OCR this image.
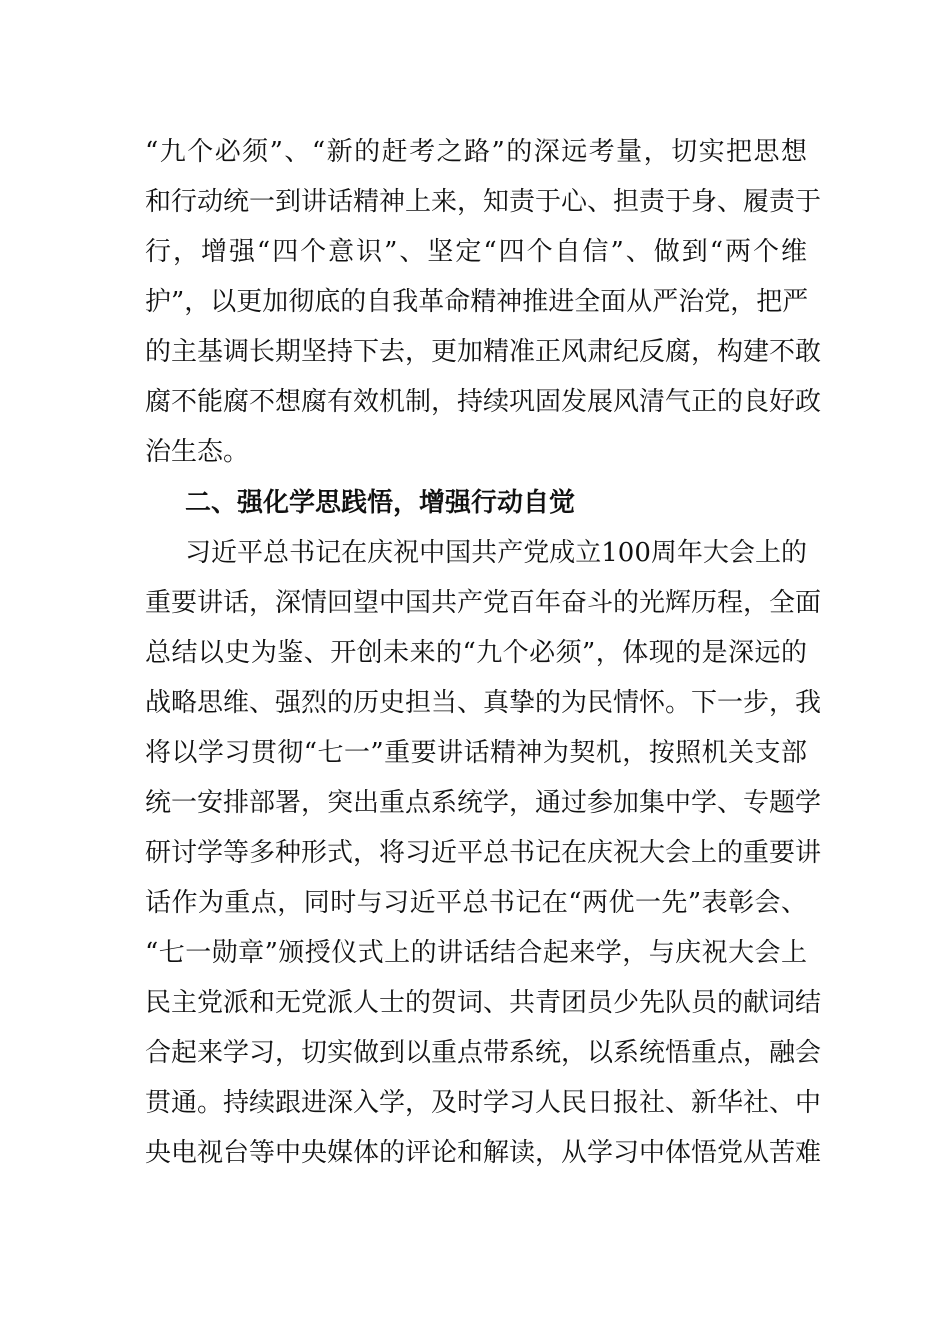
“九个必须”、“新的赶考之路”的深远考量，切实把思想
和行动统一到讲话精神上来，知责于心、担责于身、履责于
行，增强“四个意识”、坚定“四个自信”、做到“两个维
护”，以更加彻底的自我革命精神推进全面从严治党，把严
的主基调长期坚持下去，更加精准正风肃纪反腐，构建不敢
腐不能腐不想腐有效机制，持续巩固发展风清气正的良好政
治生态。
二、强化学思践悟，增强行动自觉
习近平总书记在庆祝中国共产党成立100周年大会上的
重要讲话，深情回望中国共产党百年奋斗的光辉历程，全面
总结以史为鉴、开创未来的“九个必须”，体现的是深远的
战略思维、强烈的历史担当、真挚的为民情怀。下一步，我
将以学习贯彻“七一”重要讲话精神为契机，按照机关支部
统一安排部署，突出重点系统学，通过参加集中学、专题学
研讨学等多种形式，将习近平总书记在庆祝大会上的重要讲
话作为重点，同时与习近平总书记在“两优一先”表彰会、
“七一勋章”颁授仪式上的讲话结合起来学，与庆祝大会上
民主党派和无党派人士的贺词、共青团员少先队员的献词结
合起来学习，切实做到以重点带系统，以系统悟重点，融会
贯通。持续跟进深入学，及时学习人民日报社、新华社、中
央电视台等中央媒体的评论和解读，从学习中体悟党从苦难
